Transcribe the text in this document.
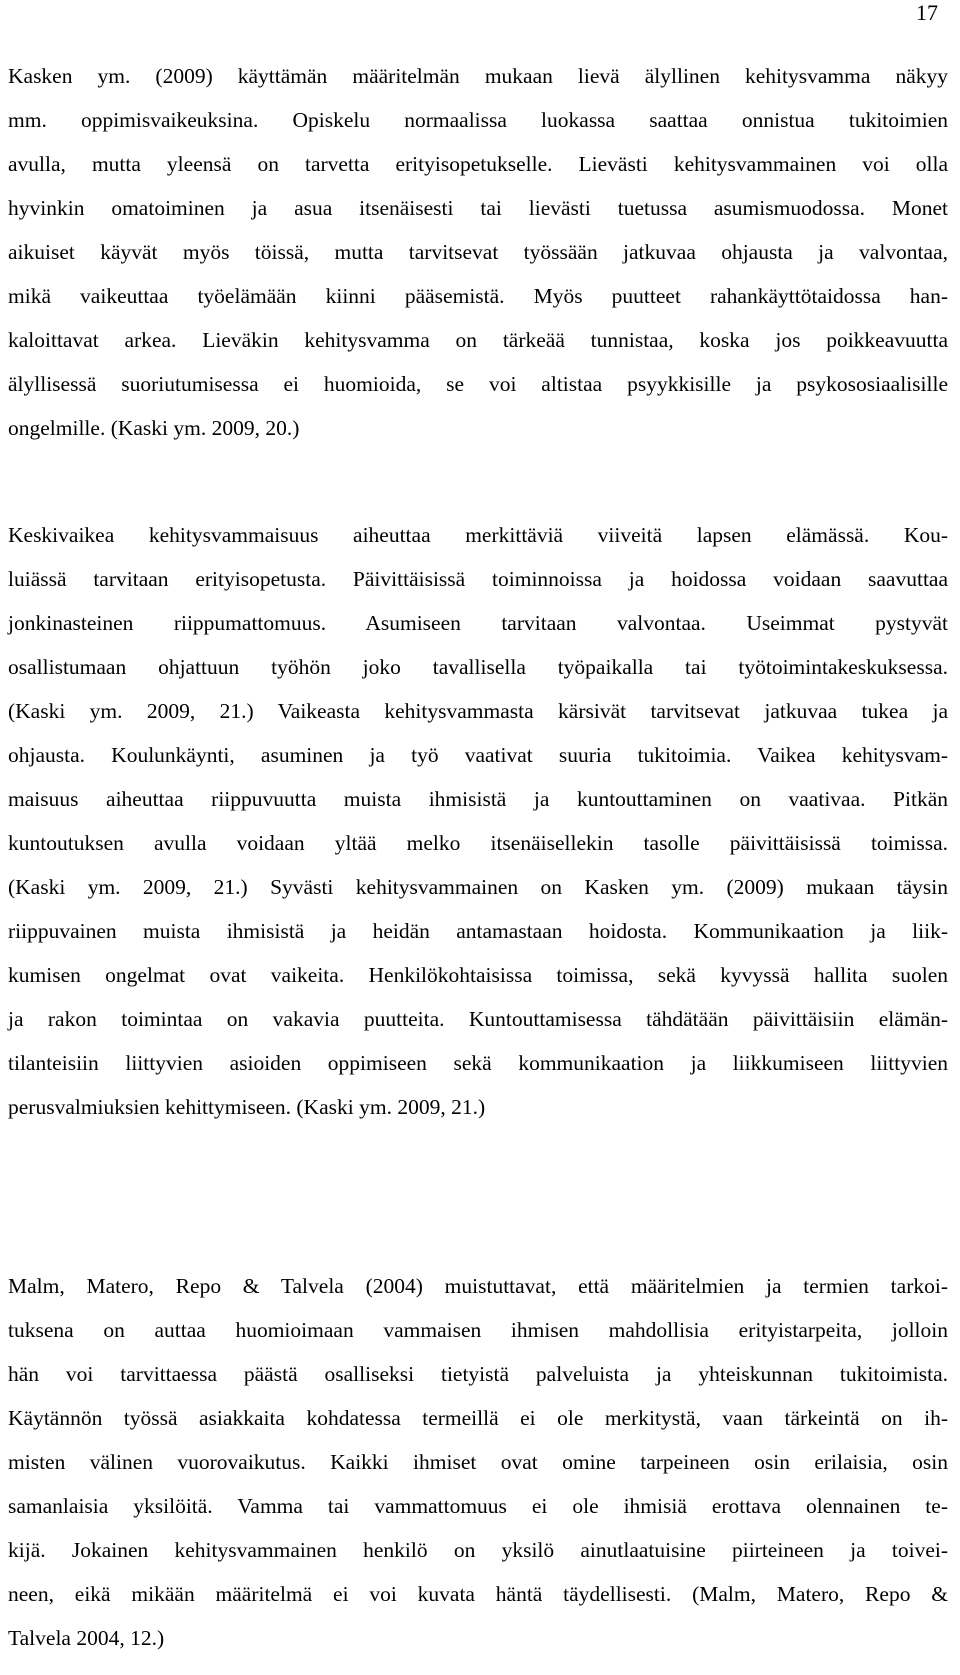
17
Kasken ym. (2009) käyttämän määritelmän mukaan lievä älyllinen kehitysvamma näkyy
mm. oppimisvaikeuksina. Opiskelu normaalissa luokassa saattaa onnistua tukitoimien
avulla, mutta yleensä on tarvetta erityisopetukselle. Lievästi kehitysvammainen voi olla
hyvinkin omatoiminen ja asua itsenäisesti tai lievästi tuetussa asumismuodossa. Monet
aikuiset käyvät myös töissä, mutta tarvitsevat työssään jatkuvaa ohjausta ja valvontaa,
mikä vaikeuttaa työelämään kiinni pääsemistä. Myös puutteet rahankäyttötaidossa han-
kaloittavat arkea. Lieväkin kehitysvamma on tärkeää tunnistaa, koska jos poikkeavuutta
älyllisessä suoriutumisessa ei huomioida, se voi altistaa psyykkisille ja psykososiaalisille
ongelmille. (Kaski ym. 2009, 20.)
Keskivaikea kehitysvammaisuus aiheuttaa merkittäviä viiveitä lapsen elämässä. Kou-
luiässä tarvitaan erityisopetusta. Päivittäisissä toiminnoissa ja hoidossa voidaan saavuttaa
jonkinasteinen riippumattomuus. Asumiseen tarvitaan valvontaa. Useimmat pystyvät
osallistumaan ohjattuun työhön joko tavallisella työpaikalla tai työtoimintakeskuksessa.
(Kaski ym. 2009, 21.) Vaikeasta kehitysvammasta kärsivät tarvitsevat jatkuvaa tukea ja
ohjausta. Koulunkäynti, asuminen ja työ vaativat suuria tukitoimia. Vaikea kehitysvam-
maisuus aiheuttaa riippuvuutta muista ihmisistä ja kuntouttaminen on vaativaa. Pitkän
kuntoutuksen avulla voidaan yltää melko itsenäisellekin tasolle päivittäisissä toimissa.
(Kaski ym. 2009, 21.) Syvästi kehitysvammainen on Kasken ym. (2009) mukaan täysin
riippuvainen muista ihmisistä ja heidän antamastaan hoidosta. Kommunikaation ja liik-
kumisen ongelmat ovat vaikeita. Henkilökohtaisissa toimissa, sekä kyvyssä hallita suolen
ja rakon toimintaa on vakavia puutteita. Kuntouttamisessa tähdätään päivittäisiin elämän-
tilanteisiin liittyvien asioiden oppimiseen sekä kommunikaation ja liikkumiseen liittyvien
perusvalmiuksien kehittymiseen. (Kaski ym. 2009, 21.)
Malm, Matero, Repo & Talvela (2004) muistuttavat, että määritelmien ja termien tarkoi-
tuksena on auttaa huomioimaan vammaisen ihmisen mahdollisia erityistarpeita, jolloin
hän voi tarvittaessa päästä osalliseksi tietyistä palveluista ja yhteiskunnan tukitoimista.
Käytännön työssä asiakkaita kohdatessa termeillä ei ole merkitystä, vaan tärkeintä on ih-
misten välinen vuorovaikutus. Kaikki ihmiset ovat omine tarpeineen osin erilaisia, osin
samanlaisia yksilöitä. Vamma tai vammattomuus ei ole ihmisiä erottava olennainen te-
kijä. Jokainen kehitysvammainen henkilö on yksilö ainutlaatuisine piirteineen ja toivei-
neen, eikä mikään määritelmä ei voi kuvata häntä täydellisesti. (Malm, Matero, Repo &
Talvela 2004, 12.)
